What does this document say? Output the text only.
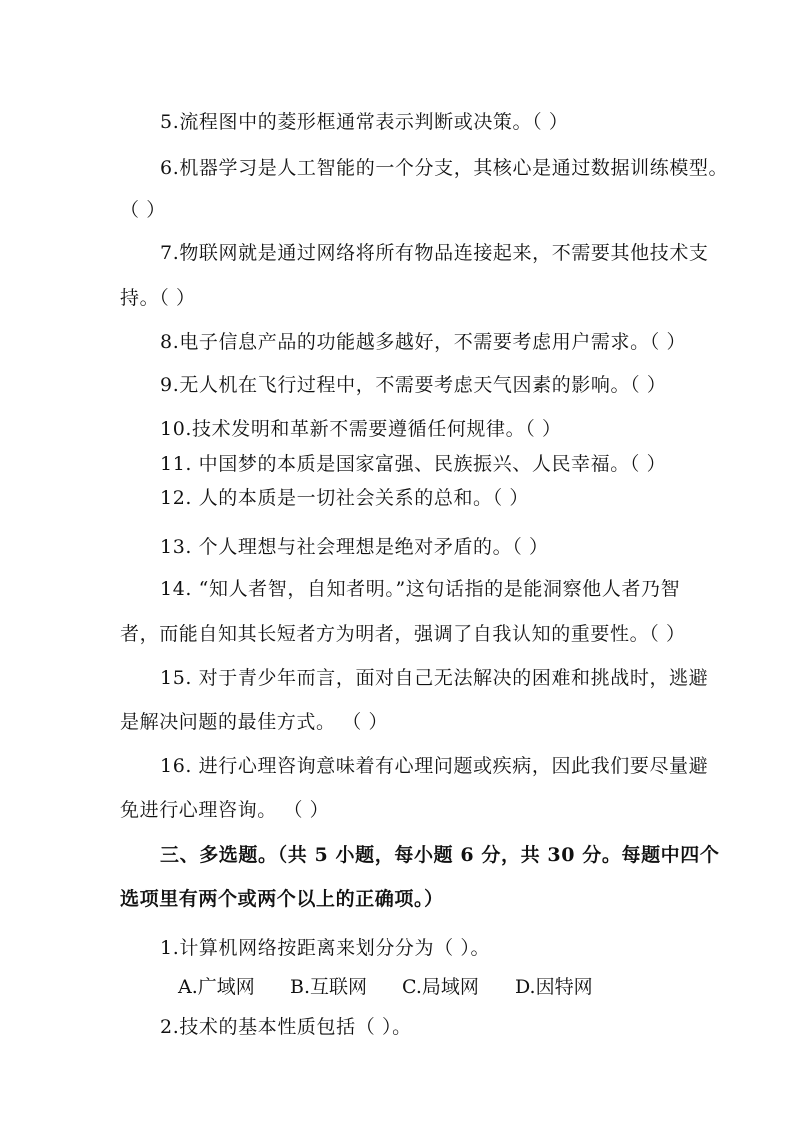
5.流程图中的菱形框通常表示判断或决策。（ ）
6.机器学习是人工智能的一个分支，其核心是通过数据训练模型。
（ ）
7.物联网就是通过网络将所有物品连接起来，不需要其他技术支
持。（ ）
8.电子信息产品的功能越多越好，不需要考虑用户需求。（ ）
9.无人机在飞行过程中，不需要考虑天气因素的影响。（ ）
10.技术发明和革新不需要遵循任何规律。（ ）
11. 中国梦的本质是国家富强、民族振兴、人民幸福。（ ）
12. 人的本质是一切社会关系的总和。（ ）
13. 个人理想与社会理想是绝对矛盾的。（ ）
14. “知人者智，自知者明。”这句话指的是能洞察他人者乃智
者，而能自知其长短者方为明者，强调了自我认知的重要性。（ ）
15. 对于青少年而言，面对自己无法解决的困难和挑战时，逃避
是解决问题的最佳方式。 （ ）
16. 进行心理咨询意味着有心理问题或疾病，因此我们要尽量避
免进行心理咨询。 （ ）
三、多选题。（共 5 小题，每小题 6 分，共 30 分。每题中四个
选项里有两个或两个以上的正确项。）
1.计算机网络按距离来划分分为（ ）。
A.广域网 B.互联网 C.局域网 D.因特网
2.技术的基本性质包括（ ）。
